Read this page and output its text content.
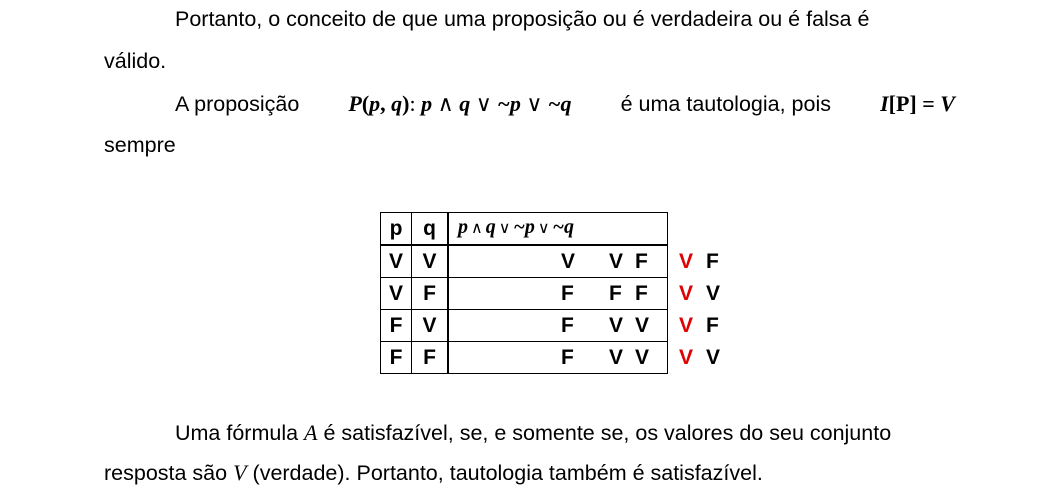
Portanto, o conceito de que uma proposição ou é verdadeira ou é falsa é
válido.
A proposição P(p, q): p ∧ q ∨ ~p ∨ ~q é uma tautologia, pois I[P] = V
sempre
p	q	p ∧ q ∨ ~p ∨ ~q

V	V	V V F V F

V	F	F F F V V

F	V	F V V V F

F	F	F V V V V
Uma fórmula A é satisfazível, se, e somente se, os valores do seu conjunto
resposta são V (verdade). Portanto, tautologia também é satisfazível.
